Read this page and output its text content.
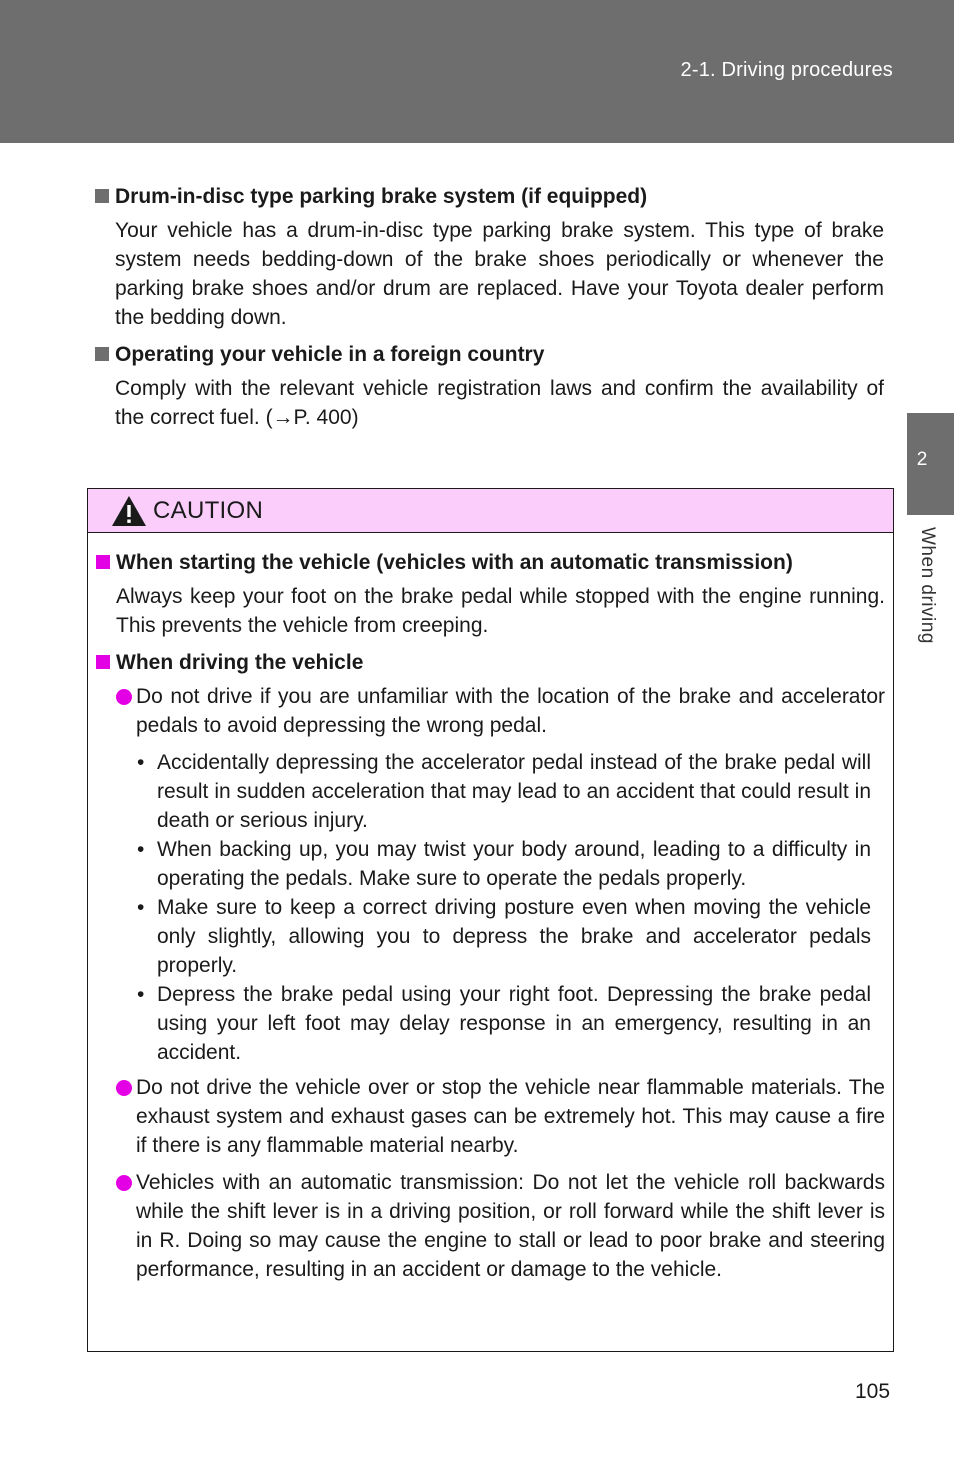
2-1. Driving procedures
2
When driving
Drum-in-disc type parking brake system (if equipped)

Your vehicle has a drum-in-disc type parking brake system. This type of brake system needs bedding-down of the brake shoes periodically or whenever the parking brake shoes and/or drum are replaced. Have your Toyota dealer perform the bedding down.

Operating your vehicle in a foreign country

Comply with the relevant vehicle registration laws and confirm the availability of the correct fuel. (→P. 400)

CAUTION
When starting the vehicle (vehicles with an automatic transmission)

Always keep your foot on the brake pedal while stopped with the engine running. This prevents the vehicle from creeping.

When driving the vehicle
Do not drive if you are unfamiliar with the location of the brake and accelerator pedals to avoid depressing the wrong pedal.
• Accidentally depressing the accelerator pedal instead of the brake pedal will result in sudden acceleration that may lead to an accident that could result in death or serious injury.
• When backing up, you may twist your body around, leading to a difficulty in operating the pedals. Make sure to operate the pedals properly.
• Make sure to keep a correct driving posture even when moving the vehicle only slightly, allowing you to depress the brake and accelerator pedals properly.
• Depress the brake pedal using your right foot. Depressing the brake pedal using your left foot may delay response in an emergency, resulting in an accident.
Do not drive the vehicle over or stop the vehicle near flammable materials. The exhaust system and exhaust gases can be extremely hot. This may cause a fire if there is any flammable material nearby.
Vehicles with an automatic transmission: Do not let the vehicle roll backwards while the shift lever is in a driving position, or roll forward while the shift lever is in R. Doing so may cause the engine to stall or lead to poor brake and steering performance, resulting in an accident or damage to the vehicle.
105
